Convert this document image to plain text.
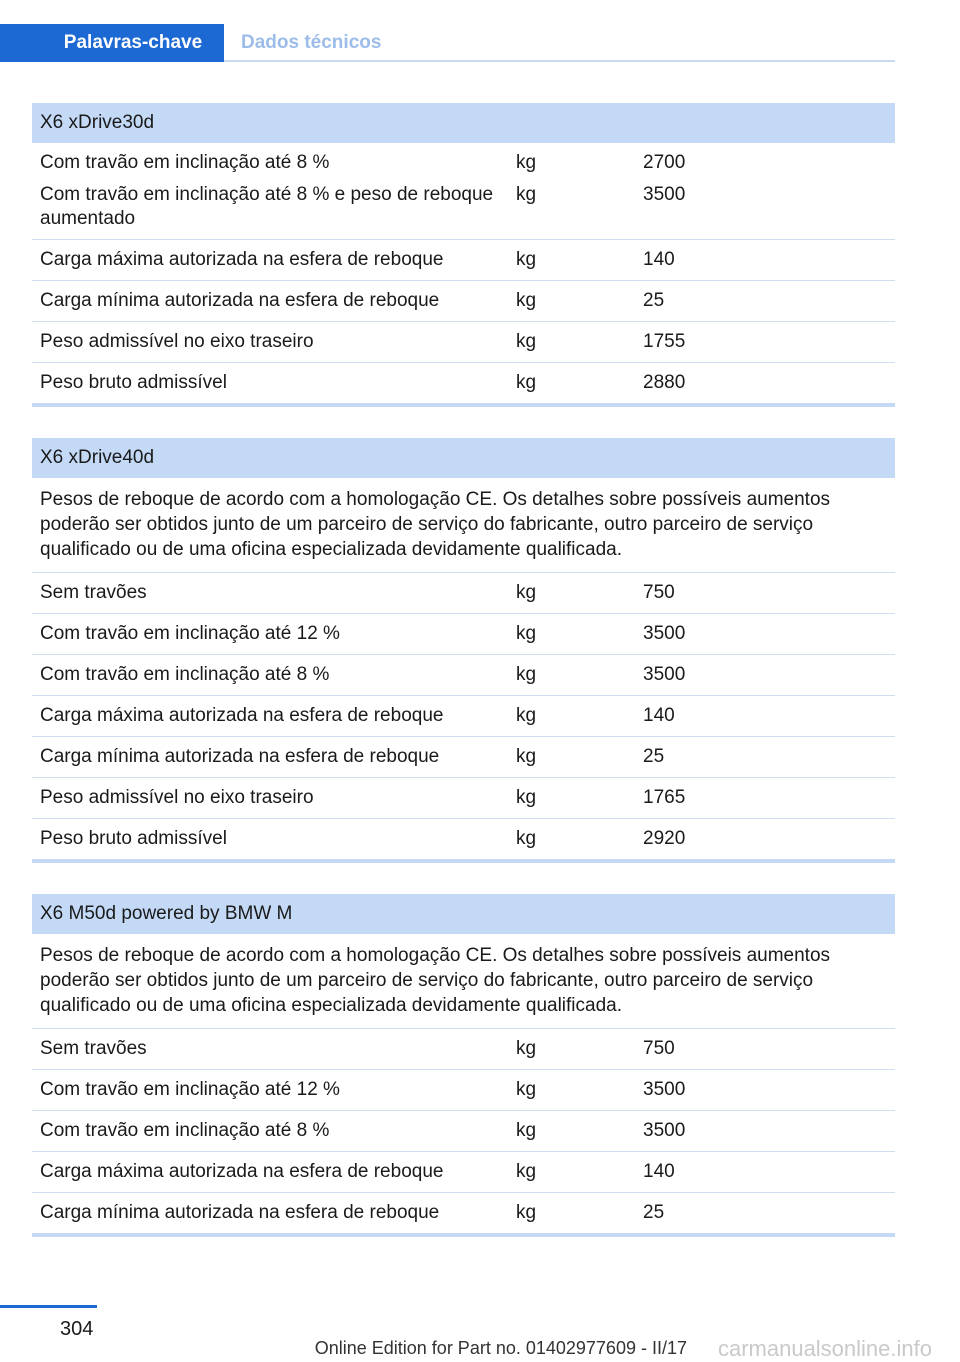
Palavras-chave	Dados técnicos
X6 xDrive30d		
Com travão em inclinação até 8 %	kg	2700
Com travão em inclinação até 8 % e peso de reboque aumentado	kg	3500
Carga máxima autorizada na esfera de reboque	kg	140
Carga mínima autorizada na esfera de reboque	kg	25
Peso admissível no eixo traseiro	kg	1755
Peso bruto admissível	kg	2880
X6 xDrive40d		
Pesos de reboque de acordo com a homologação CE. Os detalhes sobre possíveis aumentos poderão ser obtidos junto de um parceiro de serviço do fabricante, outro parceiro de serviço qualificado ou de uma oficina especializada devidamente qualificada.		
Sem travões	kg	750
Com travão em inclinação até 12 %	kg	3500
Com travão em inclinação até 8 %	kg	3500
Carga máxima autorizada na esfera de reboque	kg	140
Carga mínima autorizada na esfera de reboque	kg	25
Peso admissível no eixo traseiro	kg	1765
Peso bruto admissível	kg	2920
X6 M50d powered by BMW M		
Pesos de reboque de acordo com a homologação CE. Os detalhes sobre possíveis aumentos poderão ser obtidos junto de um parceiro de serviço do fabricante, outro parceiro de serviço qualificado ou de uma oficina especializada devidamente qualificada.		
Sem travões	kg	750
Com travão em inclinação até 12 %	kg	3500
Com travão em inclinação até 8 %	kg	3500
Carga máxima autorizada na esfera de reboque	kg	140
Carga mínima autorizada na esfera de reboque	kg	25
304
Online Edition for Part no. 01402977609 - II/17 carmanualsonline.info
